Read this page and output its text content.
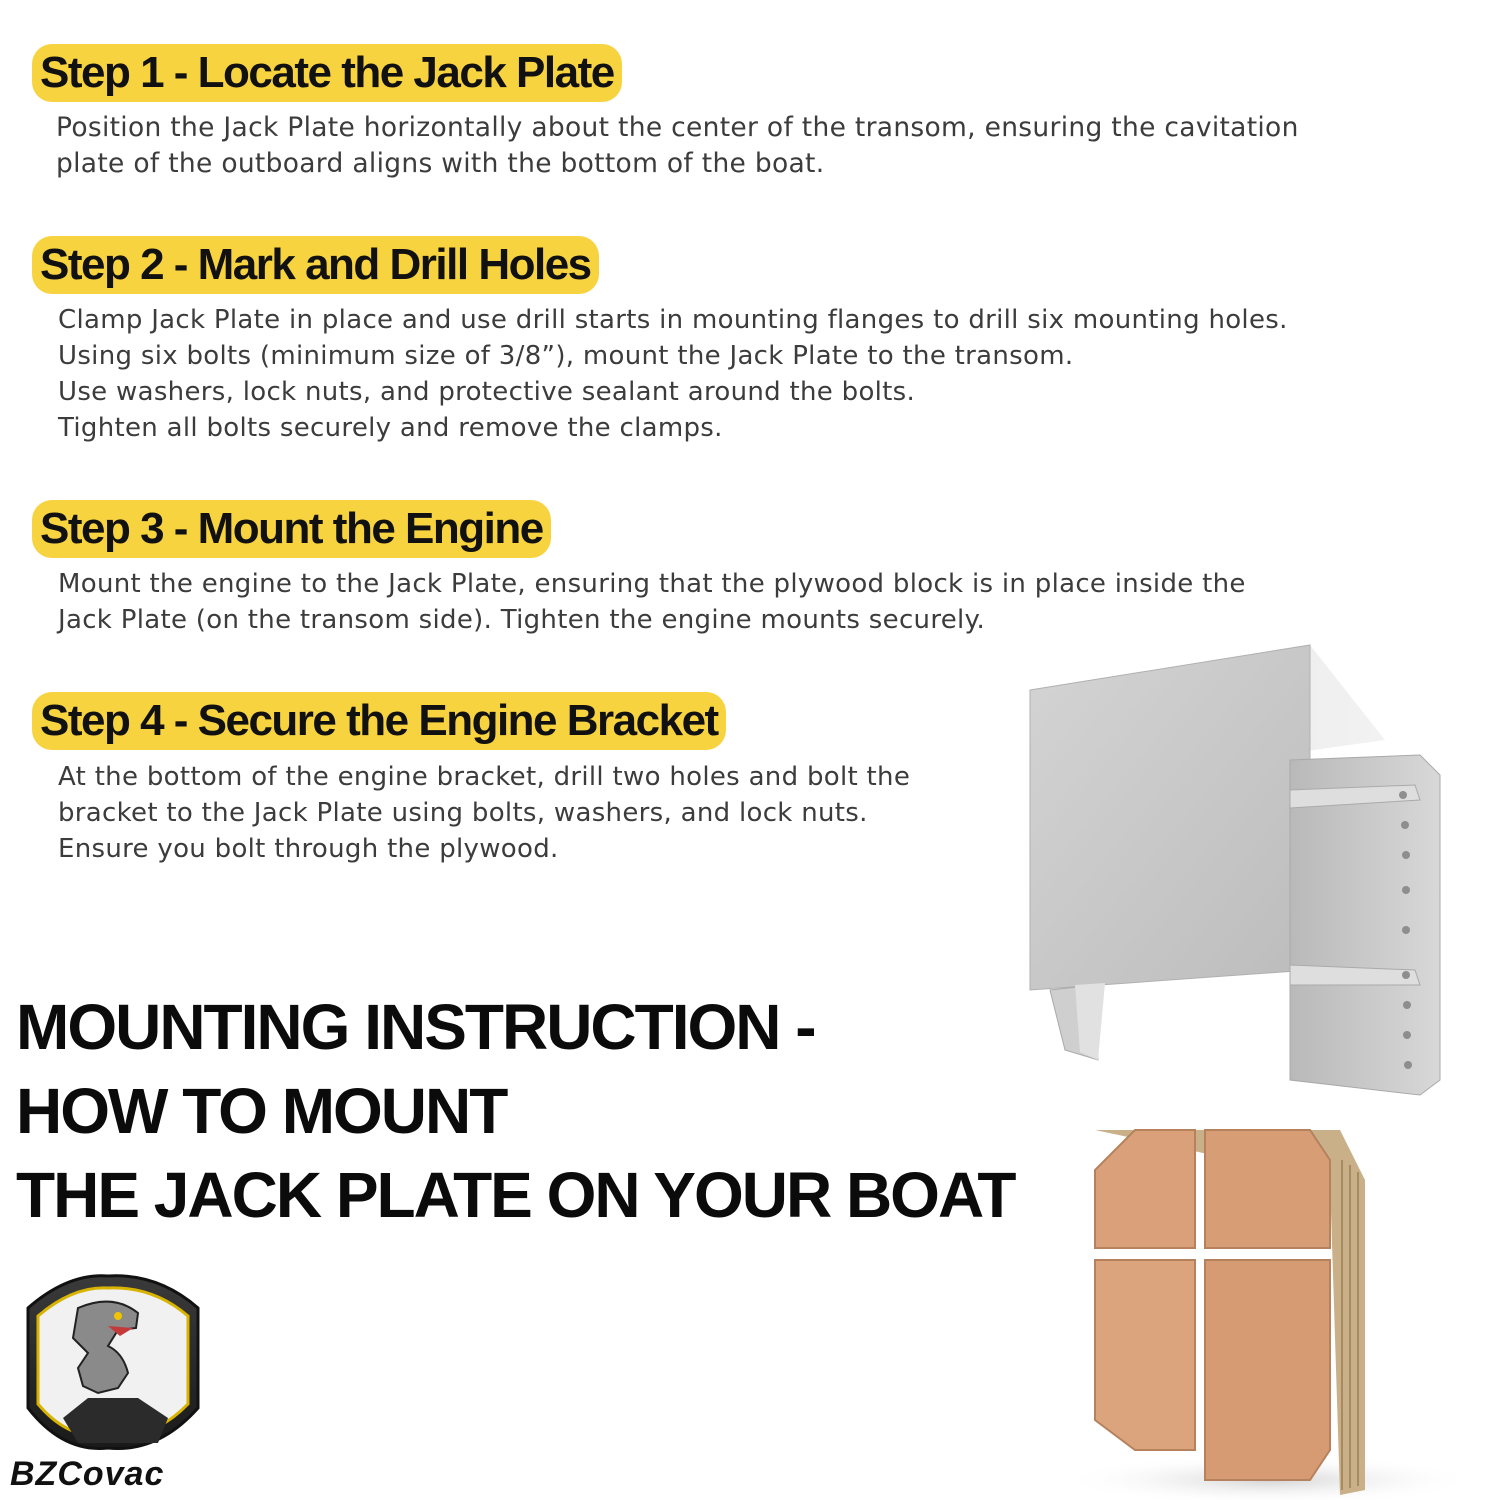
Step 1 - Locate the Jack Plate
Position the Jack Plate horizontally about the center of the transom, ensuring the cavitation
plate of the outboard aligns with the bottom of the boat.
Step 2 - Mark and Drill Holes
Clamp Jack Plate in place and use drill starts in mounting flanges to drill six mounting holes.
Using six bolts (minimum size of 3/8”), mount the Jack Plate to the transom.
Use washers, lock nuts, and protective sealant around the bolts.
Tighten all bolts securely and remove the clamps.
Step 3 - Mount the Engine
Mount the engine to the Jack Plate, ensuring that the plywood block is in place inside the
Jack Plate (on the transom side). Tighten the engine mounts securely.
Step 4 - Secure the Engine Bracket
At the bottom of the engine bracket, drill two holes and bolt the
bracket to the Jack Plate using bolts, washers, and lock nuts.
Ensure you bolt through the plywood.
MOUNTING INSTRUCTION -
HOW TO MOUNT
THE JACK PLATE ON YOUR BOAT
BZCovac
